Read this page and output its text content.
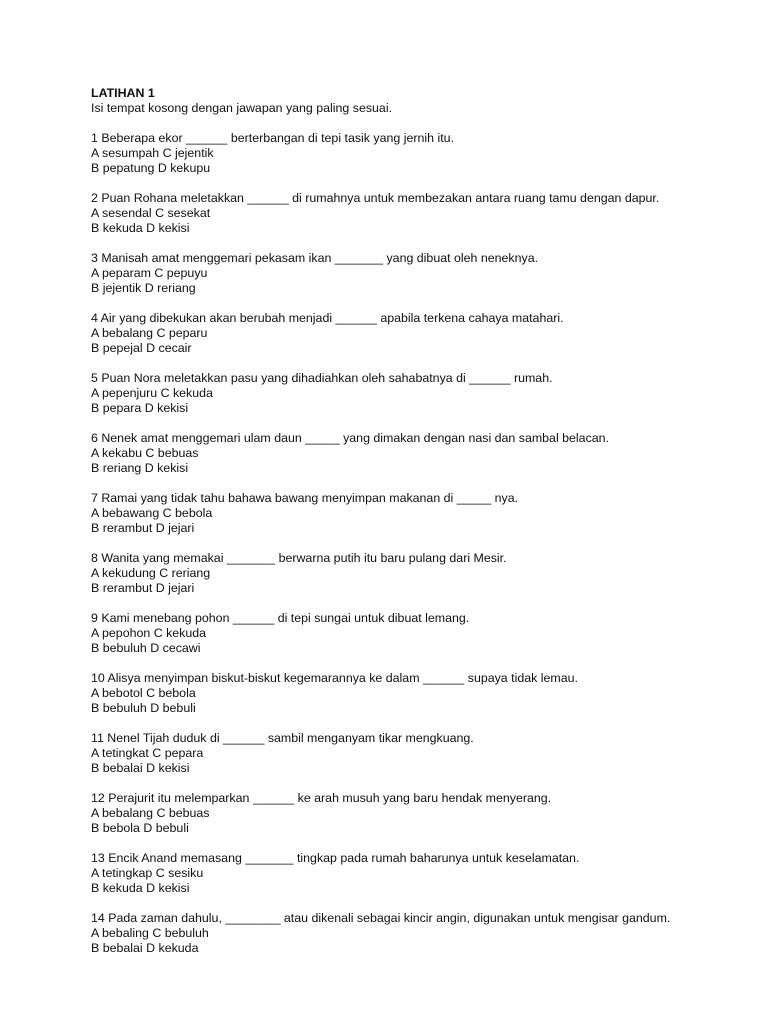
LATIHAN 1
Isi tempat kosong dengan jawapan yang paling sesuai.
1 Beberapa ekor ______ berterbangan di tepi tasik yang jernih itu.
A sesumpah C jejentik
B pepatung D kekupu
2 Puan Rohana meletakkan ______ di rumahnya untuk membezakan antara ruang tamu dengan dapur.
A sesendal C sesekat
B kekuda D kekisi
3 Manisah amat menggemari pekasam ikan _______ yang dibuat oleh neneknya.
A peparam C pepuyu
B jejentik D reriang
4 Air yang dibekukan akan berubah menjadi ______ apabila terkena cahaya matahari.
A bebalang C peparu
B pepejal D cecair
5 Puan Nora meletakkan pasu yang dihadiahkan oleh sahabatnya di ______ rumah.
A pepenjuru C kekuda
B pepara D kekisi
6 Nenek amat menggemari ulam daun _____ yang dimakan dengan nasi dan sambal belacan.
A kekabu C bebuas
B reriang D kekisi
7 Ramai yang tidak tahu bahawa bawang menyimpan makanan di _____ nya.
A bebawang C bebola
B rerambut D jejari
8 Wanita yang memakai _______ berwarna putih itu baru pulang dari Mesir.
A kekudung C reriang
B rerambut D jejari
9 Kami menebang pohon ______ di tepi sungai untuk dibuat lemang.
A pepohon C kekuda
B bebuluh D cecawi
10 Alisya menyimpan biskut-biskut kegemarannya ke dalam ______ supaya tidak lemau.
A bebotol C bebola
B bebuluh D bebuli
11 Nenel Tijah duduk di ______ sambil menganyam tikar mengkuang.
A tetingkat C pepara
B bebalai D kekisi
12 Perajurit itu melemparkan ______ ke arah musuh yang baru hendak menyerang.
A bebalang C bebuas
B bebola D bebuli
13 Encik Anand memasang _______ tingkap pada rumah baharunya untuk keselamatan.
A tetingkap C sesiku
B kekuda D kekisi
14 Pada zaman dahulu, ________ atau dikenali sebagai kincir angin, digunakan untuk mengisar gandum.
A bebaling C bebuluh
B bebalai D kekuda
